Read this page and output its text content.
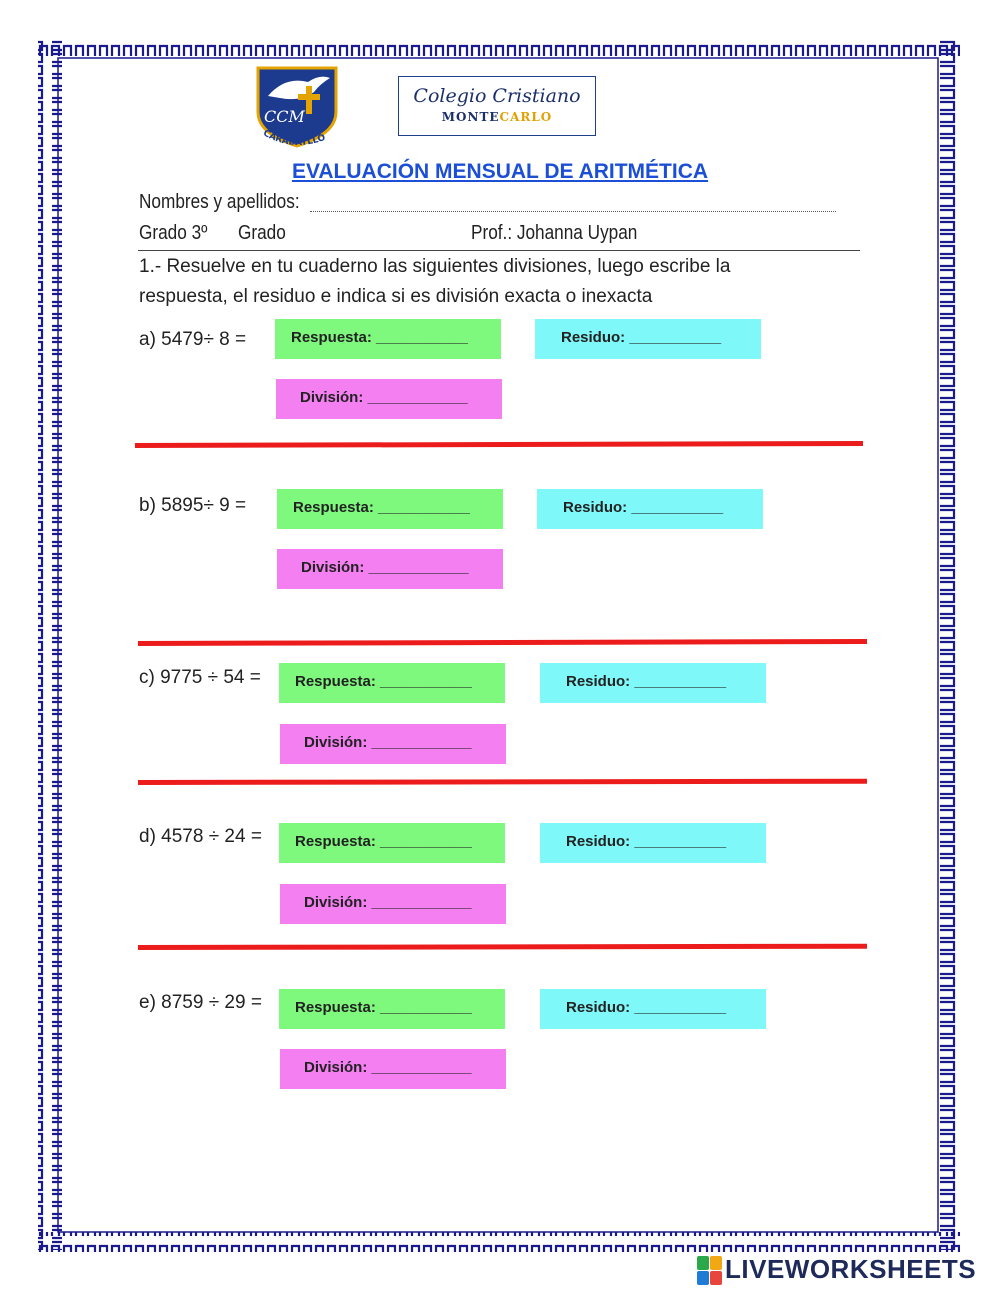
CCM
CARABAYLLO
Colegio Cristiano
MONTECARLO
EVALUACIÓN MENSUAL DE ARITMÉTICA
Nombres y apellidos:
Grado 3º Grado	Prof.: Johanna Uypan
1.- Resuelve en tu cuaderno las siguientes divisiones, luego escribe la
respuesta, el residuo e indica si es división exacta o inexacta
a) 5479÷ 8 =	Respuesta: ___________	Residuo: ___________
División: ____________
b) 5895÷ 9 =	Respuesta: ___________	Residuo: ___________
División: ____________
c) 9775 ÷ 54 =	Respuesta: ___________	Residuo: ___________
División: ____________
d) 4578 ÷ 24 =	Respuesta: ___________	Residuo: ___________
División: ____________
e) 8759 ÷ 29 =	Respuesta: ___________	Residuo: ___________
División: ____________
LIVEWORKSHEETS
